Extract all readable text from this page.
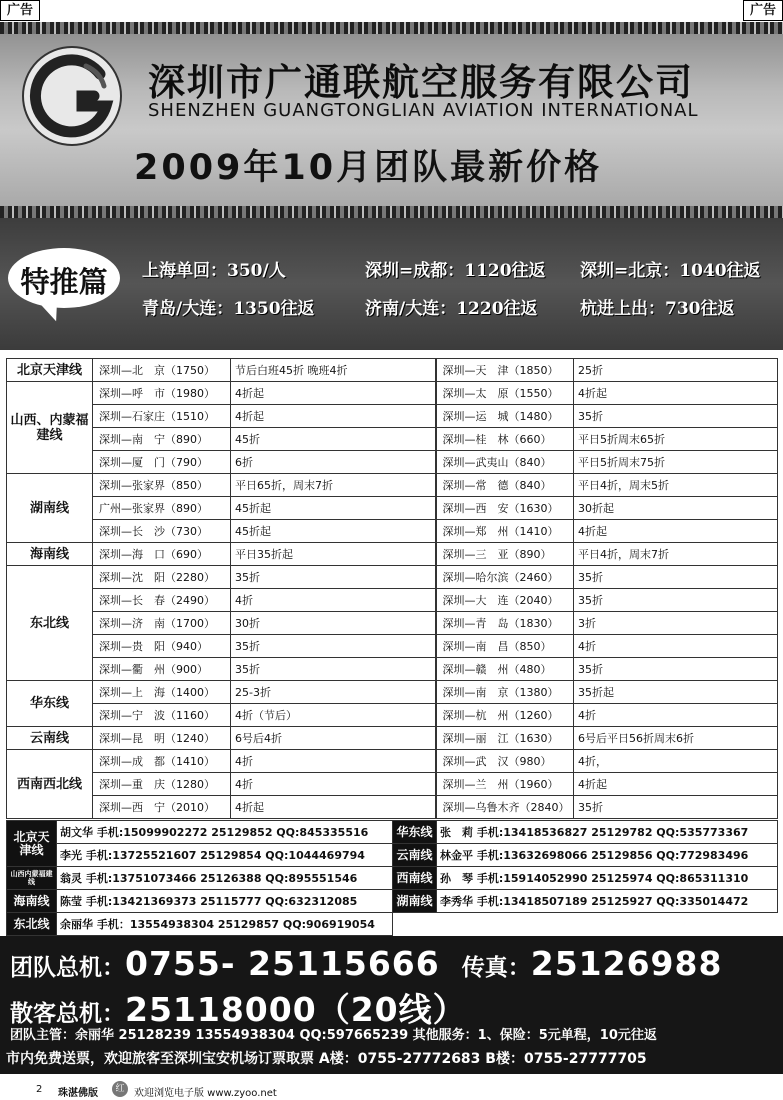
广告	广告
深圳市广通联航空服务有限公司
SHENZHEN GUANGTONGLIAN AVIATION INTERNATIONAL
2009年10月团队最新价格
特推篇	上海单回：350/人	深圳=成都：1120往返 深圳=北京：1040往返
青岛/大连：1350往返	济南/大连：1220往返 杭进上出：730往返
北京天津线	深圳—北　京（1750）	节后白班45折 晚班4折	深圳—天　津（1850）	25折
山西、内蒙福建线	深圳—呼　市（1980）	4折起	深圳—太　原（1550）	4折起
	深圳—石家庄（1510）	4折起	深圳—运　城（1480）	35折
	深圳—南　宁（890）	45折	深圳—桂　林（660）	平日5折周末65折
	深圳—厦　门（790）	6折	深圳—武夷山（840）	平日5折周末75折
湖南线	深圳—张家界（850）	平日65折，周末7折	深圳—常　德（840）	平日4折，周末5折
	广州—张家界（890）	45折起	深圳—西　安（1630）	30折起
	深圳—长　沙（730）	45折起	深圳—郑　州（1410）	4折起
海南线	深圳—海　口（690）	平日35折起	深圳—三　亚（890）	平日4折，周末7折
东北线	深圳—沈　阳（2280）	35折	深圳—哈尔滨（2460）	35折
	深圳—长　春（2490）	4折	深圳—大　连（2040）	35折
	深圳—济　南（1700）	30折	深圳—青　岛（1830）	3折
	深圳—贵　阳（940）	35折	深圳—南　昌（850）	4折
	深圳—衢　州（900）	35折	深圳—赣　州（480）	35折
华东线	深圳—上　海（1400）	25-3折	深圳—南　京（1380）	35折起
	深圳—宁　波（1160）	4折（节后）	深圳—杭　州（1260）	4折
云南线	深圳—昆　明（1240）	6号后4折	深圳—丽　江（1630）	6号后平日56折周末6折
西南西北线	深圳—成　都（1410）	4折	深圳—武　汉（980）	4折，
	深圳—重　庆（1280）	4折	深圳—兰　州（1960）	4折起
	深圳—西　宁（2010）	4折起	深圳—乌鲁木齐（2840）	35折
北京天津线	胡文华 手机:15099902272 25129852 QQ:845335516	华东线	张　莉 手机:13418536827 25129782 QQ:535773367
	李光 手机:13725521607 25129854 QQ:1044469794	云南线	林金平 手机:13632698066 25129856 QQ:772983496
山西内蒙福建线	翁灵 手机:13751073466 25126388 QQ:895551546	西南线	孙　琴 手机:15914052990 25125974 QQ:865311310
海南线	陈莹 手机:13421369373 25115777 QQ:632312085	湖南线	李秀华 手机:13418507189 25125927 QQ:335014472
东北线	余丽华 手机：13554938304 25129857 QQ:906919054		
团队总机：0755- 25115666 传真：25126988
散客总机：25118000（20线）
团队主管：余丽华 25128239 13554938304 QQ:597665239 其他服务：1、保险：5元单程，10元往返
市内免费送票，欢迎旅客至深圳宝安机场订票取票 A楼：0755-27772683 B楼：0755-27777705
2 珠湛佛版	红 欢迎浏览电子版 www.zyoo.net
